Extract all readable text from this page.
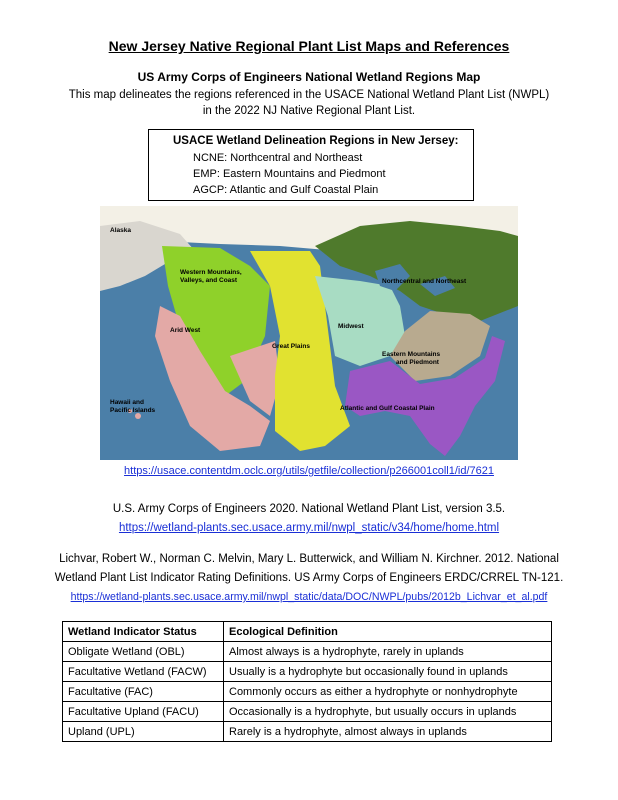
New Jersey Native Regional Plant List Maps and References
US Army Corps of Engineers National Wetland Regions Map
This map delineates the regions referenced in the USACE National Wetland Plant List (NWPL)
in the 2022 NJ Native Regional Plant List.
USACE Wetland Delineation Regions in New Jersey:
NCNE: Northcentral and Northeast
EMP: Eastern Mountains and Piedmont
AGCP: Atlantic and Gulf Coastal Plain
Alaska
Western Mountains,
Valleys, and Coast
Arid West
Great Plains
Midwest
Northcentral and Northeast
Eastern Mountains
and Piedmont
Atlantic and Gulf Coastal Plain
Hawaii and
Pacific Islands
https://usace.contentdm.oclc.org/utils/getfile/collection/p266001coll1/id/7621
U.S. Army Corps of Engineers 2020. National Wetland Plant List, version 3.5.
https://wetland-plants.sec.usace.army.mil/nwpl_static/v34/home/home.html
Lichvar, Robert W., Norman C. Melvin, Mary L. Butterwick, and William N. Kirchner. 2012. National
Wetland Plant List Indicator Rating Definitions. US Army Corps of Engineers ERDC/CRREL TN-121.
https://wetland-plants.sec.usace.army.mil/nwpl_static/data/DOC/NWPL/pubs/2012b_Lichvar_et_al.pdf
Wetland Indicator Status	Ecological Definition
Obligate Wetland (OBL)	Almost always is a hydrophyte, rarely in uplands
Facultative Wetland (FACW)	Usually is a hydrophyte but occasionally found in uplands
Facultative (FAC)	Commonly occurs as either a hydrophyte or nonhydrophyte
Facultative Upland (FACU)	Occasionally is a hydrophyte, but usually occurs in uplands
Upland (UPL)	Rarely is a hydrophyte, almost always in uplands
